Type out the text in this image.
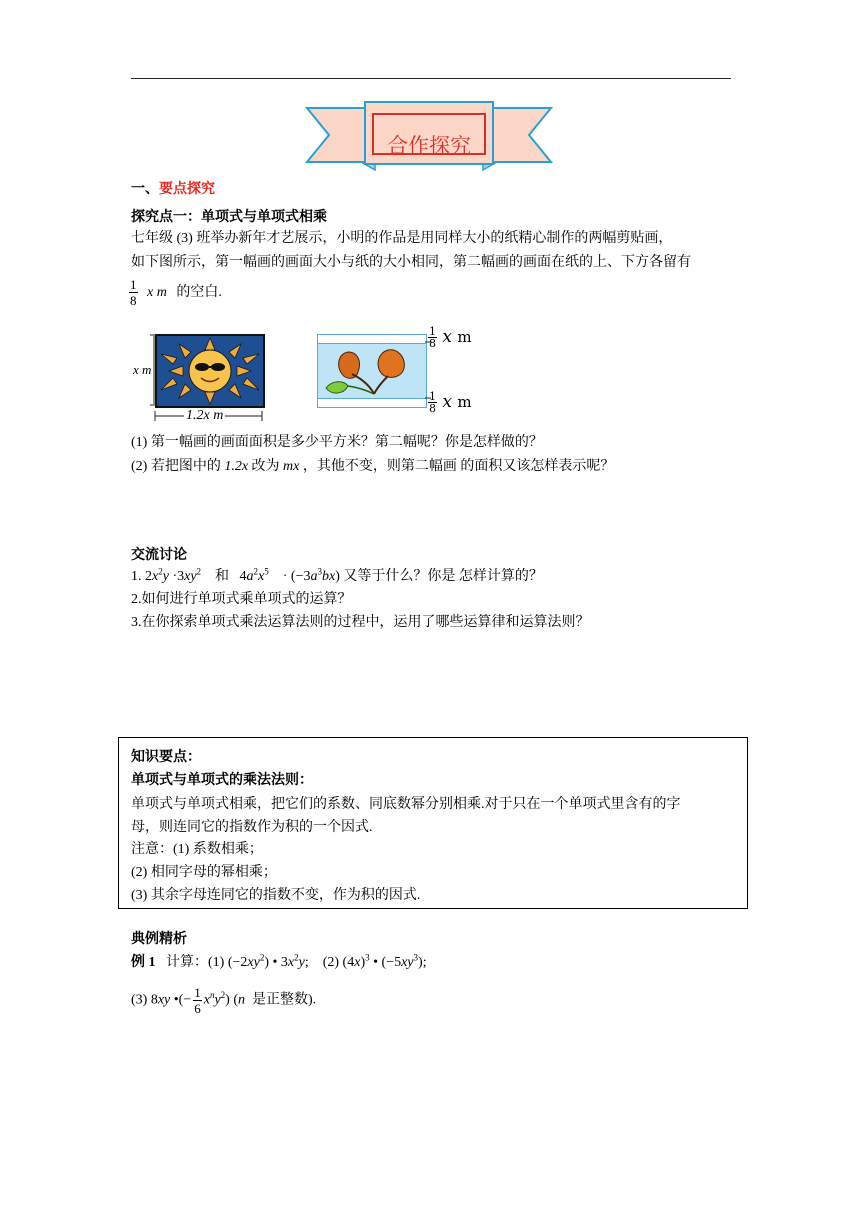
合作探究
一、要点探究
探究点一：单项式与单项式相乘
七年级 (3) 班举办新年才艺展示，小明的作品是用同样大小的纸精心制作的两幅剪贴画，
如下图所示，第一幅画的画面大小与纸的大小相同，第二幅画的画面在纸的上、下方各留有
$\frac{1}{8}$ x m 的空白.
x m
1.2x m
$\frac{1}{8}$ x m
$\frac{1}{8}$ x m
(1) 第一幅画的画面面积是多少平方米？第二幅呢？你是怎样做的？
(2) 若把图中的 1.2x 改为 mx ，其他不变，则第二幅画 的面积又该怎样表示呢？
交流讨论
1. $2x^2y \cdot 3xy^2$    和   $4a^2x^5$    · $(-3a^3bx)$ 又等于什么？你是 怎样计算的？
2.如何进行单项式乘单项式的运算？
3.在你探索单项式乘法运算法则的过程中，运用了哪些运算律和运算法则？
知识要点：
单项式与单项式的乘法法则：
单项式与单项式相乘，把它们的系数、同底数幂分别相乘.对于只在一个单项式里含有的字
母，则连同它的指数作为积的一个因式.
注意：(1) 系数相乘；
(2) 相同字母的幂相乘；
(3) 其余字母连同它的指数不变，作为积的因式.
典例精析
例 1 计算：(1) $(-2xy^2)$ • $3x^2y$;    (2) $(4x)^3$ • $(-5xy^3)$;
(3) 8xy •(− $\frac{1}{6} x^ny^2$) (n 是正整数).
